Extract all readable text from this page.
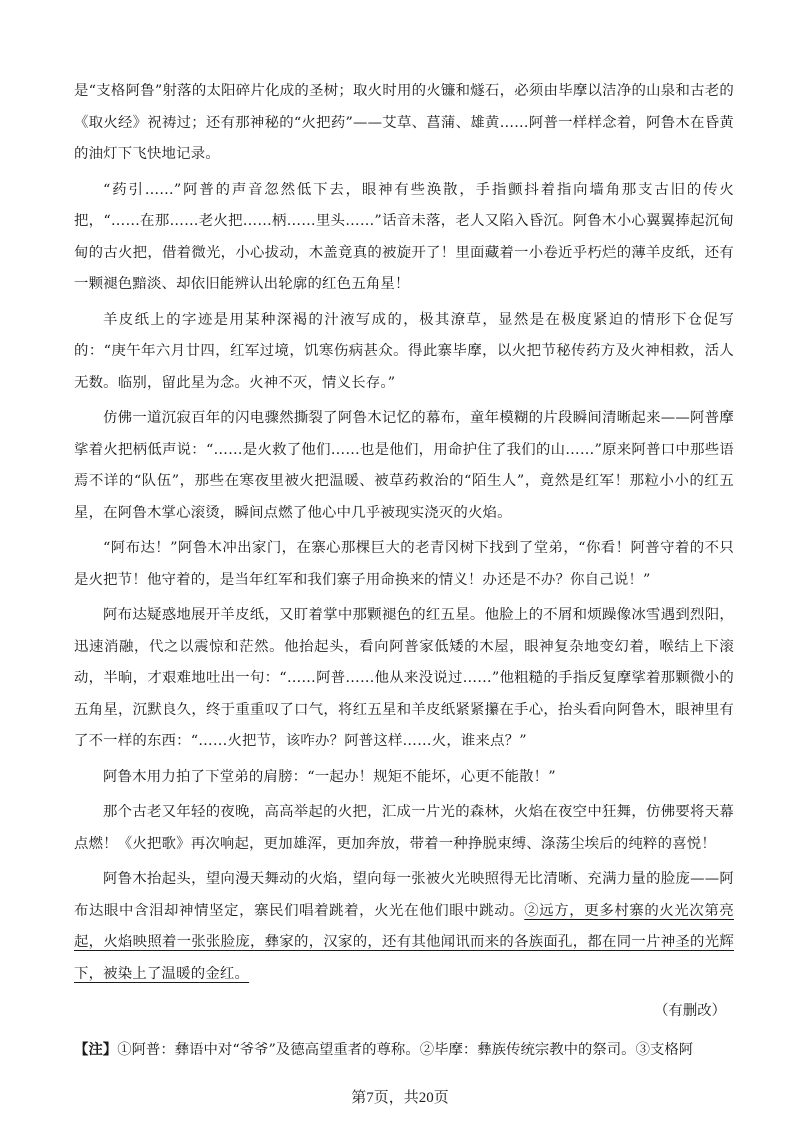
是“支格阿鲁”射落的太阳碎片化成的圣树；取火时用的火镰和燧石，必须由毕摩以洁净的山泉和古老的《取火经》祝祷过；还有那神秘的“火把药”——艾草、菖蒲、雄黄……阿普一样样念着，阿鲁木在昏黄的油灯下飞快地记录。

“药引……”阿普的声音忽然低下去，眼神有些涣散，手指颤抖着指向墙角那支古旧的传火把，“……在那……老火把……柄……里头……”话音未落，老人又陷入昏沉。阿鲁木小心翼翼捧起沉甸甸的古火把，借着微光，小心拔动，木盖竟真的被旋开了！里面藏着一小卷近乎朽烂的薄羊皮纸，还有一颗褪色黯淡、却依旧能辨认出轮廓的红色五角星！

羊皮纸上的字迹是用某种深褐的汁液写成的，极其潦草，显然是在极度紧迫的情形下仓促写的：“庚午年六月廿四，红军过境，饥寒伤病甚众。得此寨毕摩，以火把节秘传药方及火神相救，活人无数。临别，留此星为念。火神不灭，情义长存。”

仿佛一道沉寂百年的闪电骤然撕裂了阿鲁木记忆的幕布，童年模糊的片段瞬间清晰起来——阿普摩挲着火把柄低声说：“……是火救了他们……也是他们，用命护住了我们的山……”原来阿普口中那些语焉不详的“队伍”，那些在寒夜里被火把温暖、被草药救治的“陌生人”，竟然是红军！那粒小小的红五星，在阿鲁木掌心滚烫，瞬间点燃了他心中几乎被现实浇灭的火焰。

“阿布达！”阿鲁木冲出家门，在寨心那棵巨大的老青冈树下找到了堂弟，“你看！阿普守着的不只是火把节！他守着的，是当年红军和我们寨子用命换来的情义！办还是不办？你自己说！”

阿布达疑惑地展开羊皮纸，又盯着掌中那颗褪色的红五星。他脸上的不屑和烦躁像冰雪遇到烈阳，迅速消融，代之以震惊和茫然。他抬起头，看向阿普家低矮的木屋，眼神复杂地变幻着，喉结上下滚动，半晌，才艰难地吐出一句：“……阿普……他从来没说过……”他粗糙的手指反复摩挲着那颗微小的五角星，沉默良久，终于重重叹了口气，将红五星和羊皮纸紧紧攥在手心，抬头看向阿鲁木，眼神里有了不一样的东西：“……火把节，该咋办？阿普这样……火，谁来点？”

阿鲁木用力拍了下堂弟的肩膀：“一起办！规矩不能坏，心更不能散！”

那个古老又年轻的夜晚，高高举起的火把，汇成一片光的森林，火焰在夜空中狂舞，仿佛要将天幕点燃！《火把歌》再次响起，更加雄浑，更加奔放，带着一种挣脱束缚、涤荡尘埃后的纯粹的喜悦！

阿鲁木抬起头，望向漫天舞动的火焰，望向每一张被火光映照得无比清晰、充满力量的脸庞——阿布达眼中含泪却神情坚定，寨民们唱着跳着，火光在他们眼中跳动。②远方，更多村寨的火光次第亮起，火焰映照着一张张脸庞，彝家的，汉家的，还有其他闻讯而来的各族面孔，都在同一片神圣的光辉下，被染上了温暖的金红。

（有删改）

【注】①阿普：彝语中对“爷爷”及德高望重者的尊称。②毕摩：彝族传统宗教中的祭司。③支格阿

第7页，共20页
